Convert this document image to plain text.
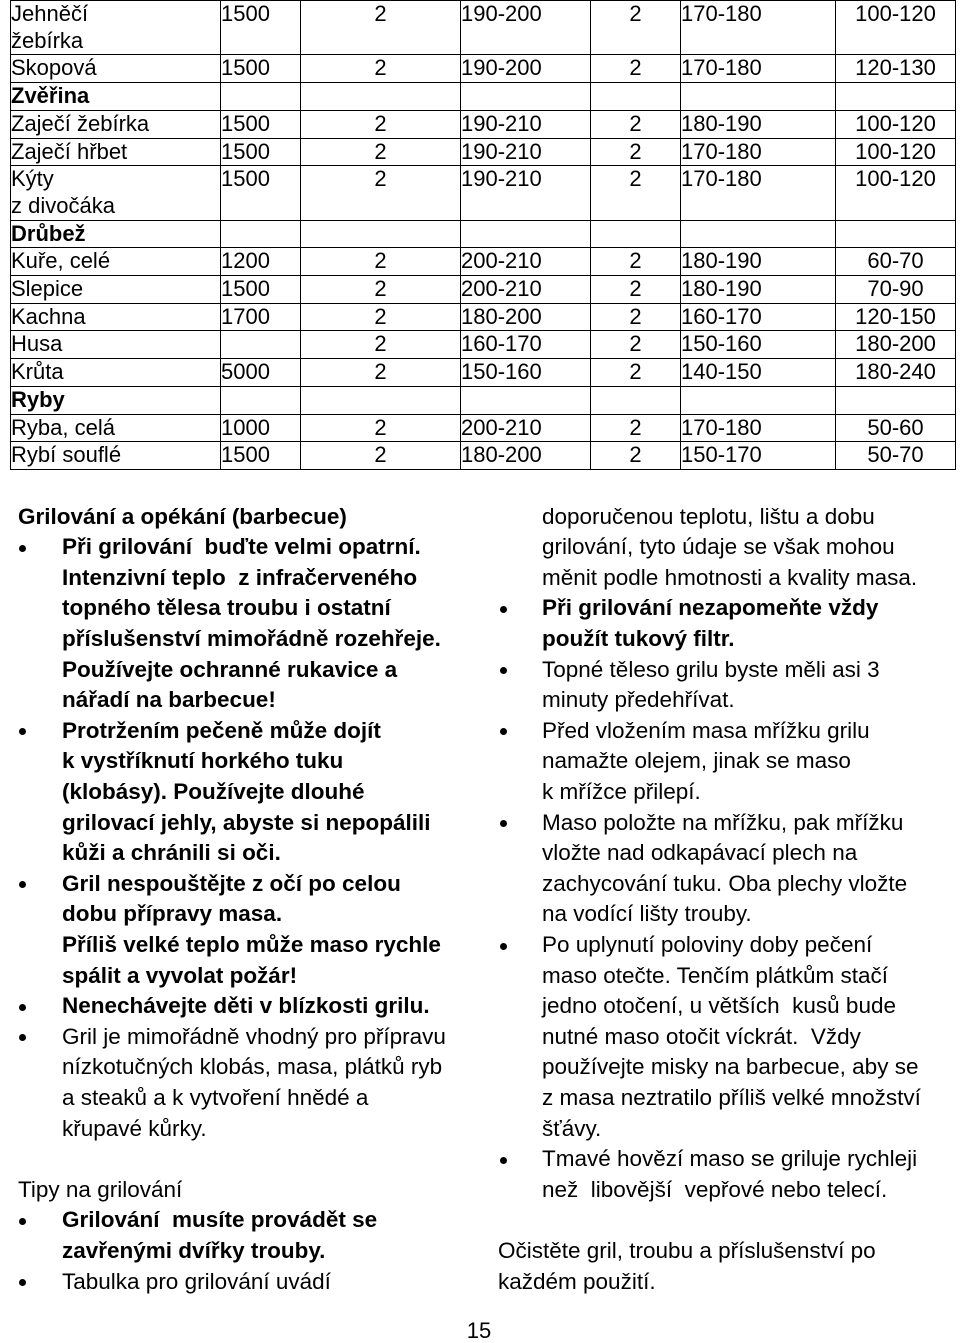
Jehněčí
žebírka	1500	2	190-200	2	170-180	100-120

Skopová	1500	2	190-200	2	170-180	120-130
Zvěřina						

Zaječí žebírka	1500	2	190-210	2	180-190	100-120

Zaječí hřbet	1500	2	190-210	2	170-180	100-120

Kýty
z divočáka	1500	2	190-210	2	170-180	100-120
Drůbež						

Kuře, celé	1200	2	200-210	2	180-190	60-70

Slepice	1500	2	200-210	2	180-190	70-90

Kachna	1700	2	180-200	2	160-170	120-150

Husa		2	160-170	2	150-160	180-200

Krůta	5000	2	150-160	2	140-150	180-240
Ryby						

Ryba, celá	1000	2	200-210	2	170-180	50-60

Rybí souflé	1500	2	180-200	2	150-170	50-70
Grilování a opékání (barbecue)
Při grilování  buďte velmi opatrní.
Intenzivní teplo  z infračerveného
topného tělesa troubu i ostatní
příslušenství mimořádně rozehřeje.
Používejte ochranné rukavice a
nářadí na barbecue!
Protržením pečeně může dojít
k vystříknutí horkého tuku
(klobásy). Používejte dlouhé
grilovací jehly, abyste si nepopálili
kůži a chránili si oči.
Gril nespouštějte z očí po celou
dobu přípravy masa.
Příliš velké teplo může maso rychle
spálit a vyvolat požár!
Nenechávejte děti v blízkosti grilu.
Gril je mimořádně vhodný pro přípravu
nízkotučných klobás, masa, plátků ryb
a steaků a k vytvoření hnědé a
křupavé kůrky.
Tipy na grilování
Grilování  musíte provádět se
zavřenými dvířky trouby.
Tabulka pro grilování uvádí
doporučenou teplotu, lištu a dobu
grilování, tyto údaje se však mohou
měnit podle hmotnosti a kvality masa.
Při grilování nezapomeňte vždy
použít tukový filtr.
Topné těleso grilu byste měli asi 3
minuty předehřívat.
Před vložením masa mřížku grilu
namažte olejem, jinak se maso
k mřížce přilepí.
Maso položte na mřížku, pak mřížku
vložte nad odkapávací plech na
zachycování tuku. Oba plechy vložte
na vodící lišty trouby.
Po uplynutí poloviny doby pečení
maso otečte. Tenčím plátkům stačí
jedno otočení, u větších  kusů bude
nutné maso otočit víckrát.  Vždy
používejte misky na barbecue, aby se
z masa neztratilo příliš velké množství
šťávy.
Tmavé hovězí maso se griluje rychleji
než  libovější  vepřové nebo telecí.
Očistěte gril, troubu a příslušenství po
každém použití.
15
